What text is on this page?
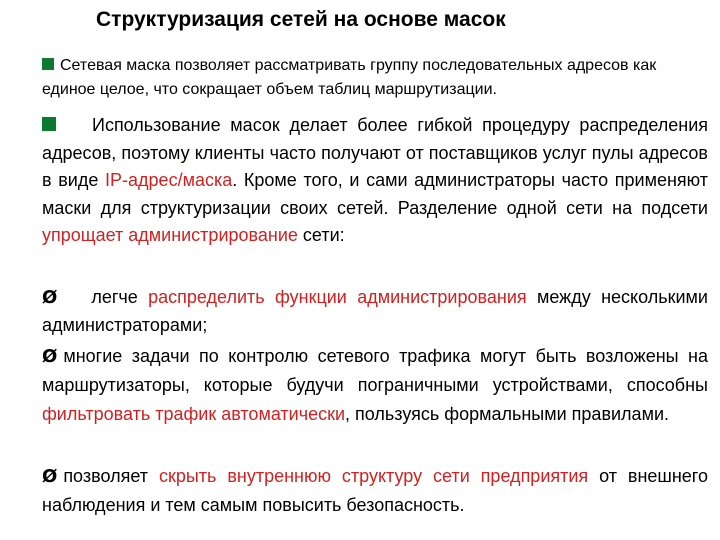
Структуризация сетей на основе масок

Сетевая маска позволяет рассматривать группу последовательных адресов как единое целое, что сокращает объем таблиц маршрутизации.

Использование масок делает более гибкой процедуру распределения адресов, поэтому клиенты часто получают от поставщиков услуг пулы адресов в виде IP-адрес/маска. Кроме того, и сами администраторы часто применяют маски для структуризации своих сетей. Разделение одной сети на подсети упрощает администрирование сети:

Ø легче распределить функции администрирования между несколькими администраторами;

Ø многие задачи по контролю сетевого трафика могут быть возложены на маршрутизаторы, которые будучи пограничными устройствами, способны фильтровать трафик автоматически, пользуясь формальными правилами.

Ø позволяет скрыть внутреннюю структуру сети предприятия от внешнего наблюдения и тем самым повысить безопасность.
